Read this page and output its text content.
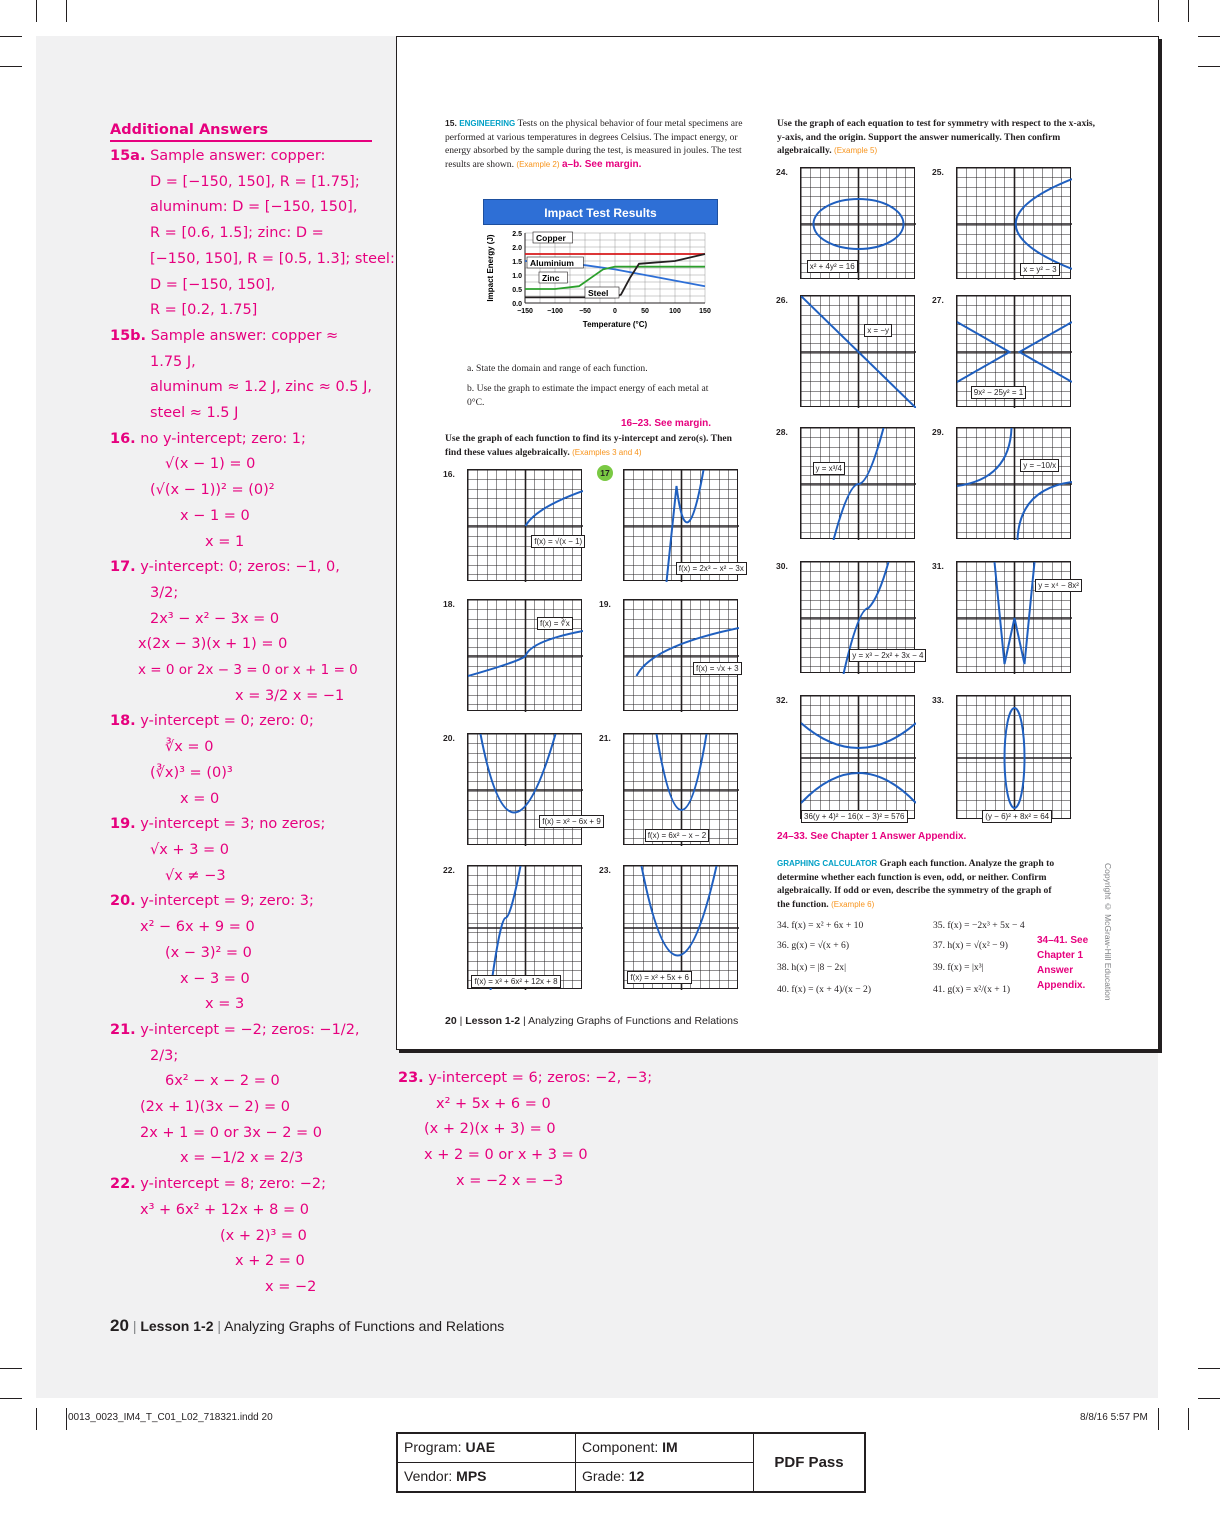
Additional Answers
15a. Sample answer: copper:
D = [−150, 150], R = [1.75];
aluminum: D = [−150, 150],
R = [0.6, 1.5]; zinc: D =
[−150, 150], R = [0.5, 1.3]; steel:
D = [−150, 150],
R = [0.2, 1.75]
15b. Sample answer: copper ≈ 1.75 J,
aluminum ≈ 1.2 J, zinc ≈ 0.5 J,
steel ≈ 1.5 J
16. no y-intercept; zero: 1;
√(x − 1) = 0
(√(x − 1))² = (0)²
x − 1 = 0
x = 1
17. y-intercept: 0; zeros: −1, 0, 3/2;
2x³ − x² − 3x = 0
x(2x − 3)(x + 1) = 0
x = 0 or 2x − 3 = 0 or x + 1 = 0
x = 3/2 x = −1
18. y-intercept = 0; zero: 0;
∛x = 0
(∛x)³ = (0)³
x = 0
19. y-intercept = 3; no zeros;
√x + 3 = 0
√x ≠ −3
20. y-intercept = 9; zero: 3;
x² − 6x + 9 = 0
(x − 3)² = 0
x − 3 = 0
x = 3
21. y-intercept = −2; zeros: −1/2, 2/3;
6x² − x − 2 = 0
(2x + 1)(3x − 2) = 0
2x + 1 = 0 or 3x − 2 = 0
x = −1/2 x = 2/3
22. y-intercept = 8; zero: −2;
x³ + 6x² + 12x + 8 = 0
(x + 2)³ = 0
x + 2 = 0
x = −2
23. y-intercept = 6; zeros: −2, −3;
x² + 5x + 6 = 0
(x + 2)(x + 3) = 0
x + 2 = 0 or x + 3 = 0
x = −2 x = −3
15. ENGINEERING Tests on the physical behavior of four metal specimens are performed at various temperatures in degrees Celsius. The impact energy, or energy absorbed by the sample during the test, is measured in joules. The test results are shown. (Example 2) a–b. See margin.
Impact Test Results
0.0
0.5
1.0
1.5
2.0
2.5
−150 −100 −50	0	50	100	150
Temperature (°C)
Impact Energy (J)	Copper
Aluminium
Zinc
Steel
a. State the domain and range of each function.
b. Use the graph to estimate the impact energy of each metal at 0°C.
16–23. See margin.
Use the graph of each function to find its y-intercept and zero(s). Then find these values algebraically. (Examples 3 and 4)
Use the graph of each equation to test for symmetry with respect to the x-axis, y-axis, and the origin. Support the answer numerically. Then confirm algebraically. (Example 5)
24–33. See Chapter 1 Answer Appendix.
GRAPHING CALCULATOR Graph each function. Analyze the graph to determine whether each function is even, odd, or neither. Confirm algebraically. If odd or even, describe the symmetry of the graph of the function. (Example 6)
34. f(x) = x² + 6x + 10	35. f(x) = −2x³ + 5x − 4
36. g(x) = √(x + 6)	37. h(x) = √(x² − 9)
38. h(x) = |8 − 2x|	39. f(x) = |x³|
40. f(x) = (x + 4)/(x − 2)	41. g(x) = x²/(x + 1)
34–41. See Chapter 1 Answer Appendix.
20 | Lesson 1-2 | Analyzing Graphs of Functions and Relations
Copyright © McGraw-Hill Education
16.
f(x) = √(x − 1)
17
f(x) = 2x³ − x² − 3x
18.
f(x) = ∛x
19.
f(x) = √x + 3
20.
f(x) = x² − 6x + 9
21.
f(x) = 6x² − x − 2
22.
f(x) = x³ + 6x² + 12x + 8
23.
f(x) = x² + 5x + 6
24.
x² + 4y² = 16
25.
x = y² − 3
26.
x = −y
27.
9x² − 25y² = 1
28.
y = x³/4
29.
y = −10/x
30.
y = x³ − 2x² + 3x − 4
31.
y = x⁴ − 8x²
32.
36(y + 4)² − 16(x − 3)² = 576
33.
(y − 6)² + 8x² = 64
20 | Lesson 1-2 | Analyzing Graphs of Functions and Relations
0013_0023_IM4_T_C01_L02_718321.indd 20	8/8/16 5:57 PM
Program: UAE	Component: IM
Vendor: MPS	Grade: 12
PDF Pass
